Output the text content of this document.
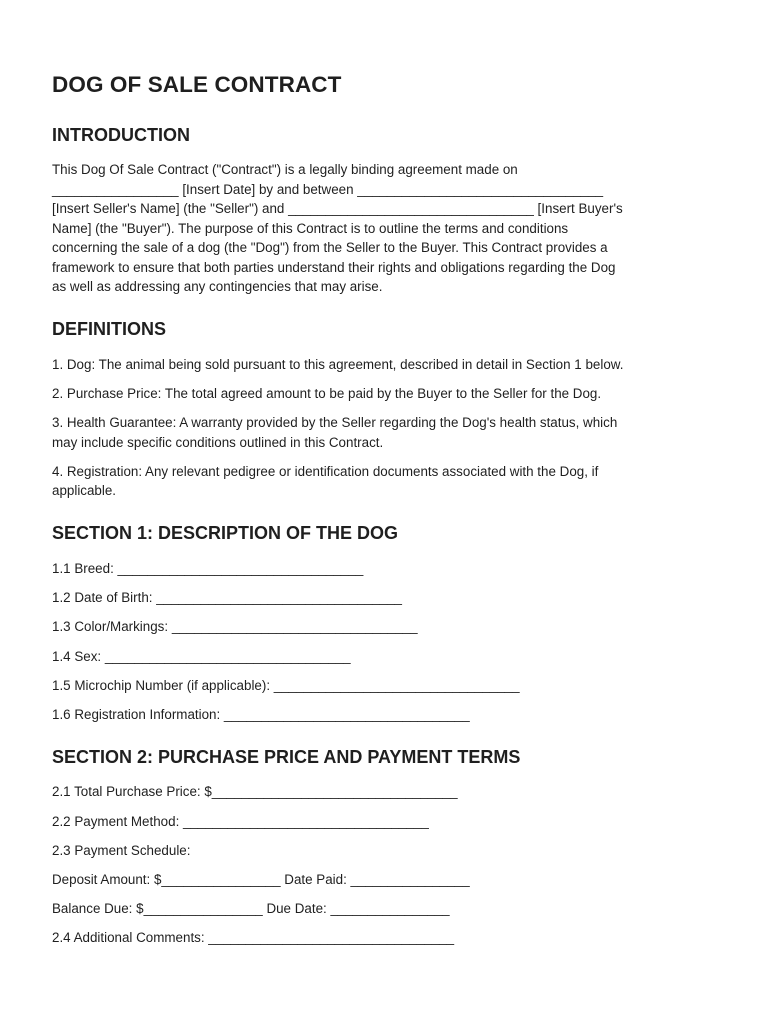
DOG OF SALE CONTRACT
INTRODUCTION

This Dog Of Sale Contract ("Contract") is a legally binding agreement made on

_________________ [Insert Date] by and between _________________________________

[Insert Seller's Name] (the "Seller") and _________________________________ [Insert Buyer's

Name] (the "Buyer"). The purpose of this Contract is to outline the terms and conditions

concerning the sale of a dog (the "Dog") from the Seller to the Buyer. This Contract provides a

framework to ensure that both parties understand their rights and obligations regarding the Dog

as well as addressing any contingencies that may arise.

DEFINITIONS

1. Dog: The animal being sold pursuant to this agreement, described in detail in Section 1 below.

2. Purchase Price: The total agreed amount to be paid by the Buyer to the Seller for the Dog.

3. Health Guarantee: A warranty provided by the Seller regarding the Dog's health status, which

may include specific conditions outlined in this Contract.

4. Registration: Any relevant pedigree or identification documents associated with the Dog, if

applicable.

SECTION 1: DESCRIPTION OF THE DOG

1.1 Breed: _________________________________

1.2 Date of Birth: _________________________________

1.3 Color/Markings: _________________________________

1.4 Sex: _________________________________

1.5 Microchip Number (if applicable): _________________________________

1.6 Registration Information: _________________________________

SECTION 2: PURCHASE PRICE AND PAYMENT TERMS

2.1 Total Purchase Price: $_________________________________

2.2 Payment Method: _________________________________

2.3 Payment Schedule:

Deposit Amount: $________________ Date Paid: ________________

Balance Due: $________________ Due Date: ________________

2.4 Additional Comments: _________________________________
